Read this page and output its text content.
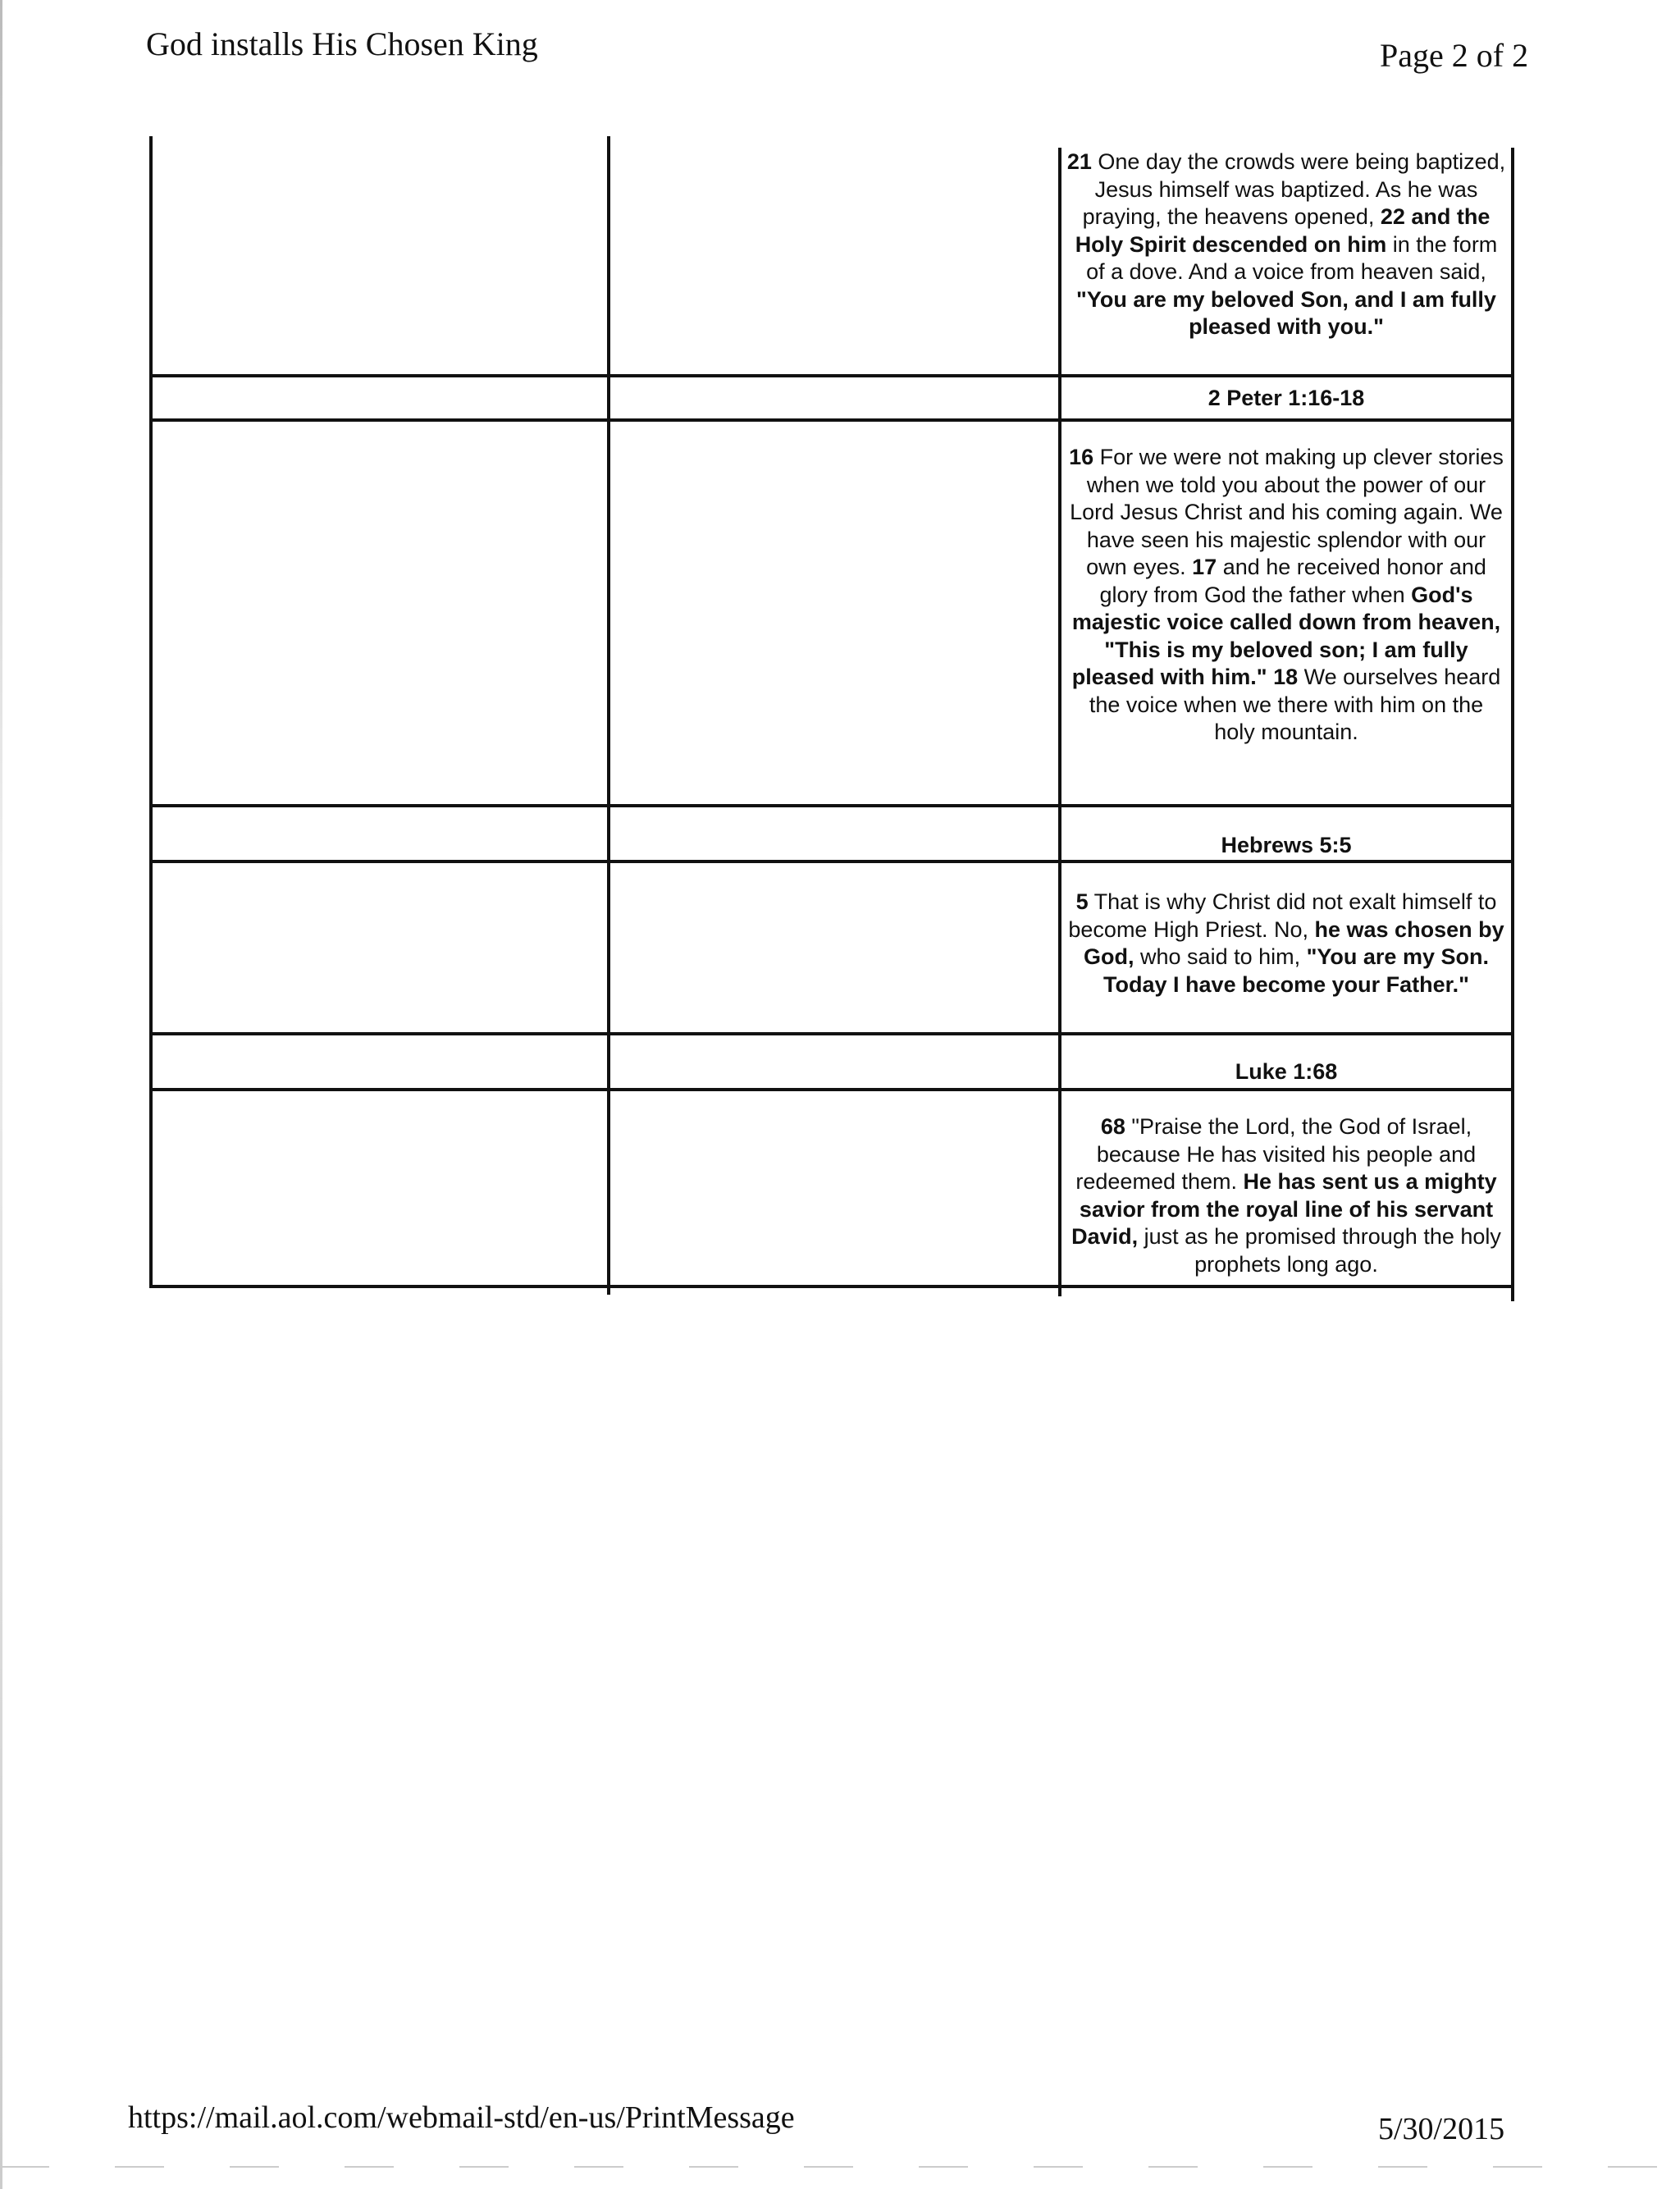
God installs His Chosen King	Page 2 of 2
21 One day the crowds were being baptized, Jesus himself was baptized. As he was praying, the heavens opened, 22 and the Holy Spirit descended on him in the form of a dove. And a voice from heaven said, "You are my beloved Son, and I am fully pleased with you."
2 Peter 1:16-18
16 For we were not making up clever stories when we told you about the power of our Lord Jesus Christ and his coming again. We have seen his majestic splendor with our own eyes. 17 and he received honor and glory from God the father when God's majestic voice called down from heaven, "This is my beloved son; I am fully pleased with him." 18 We ourselves heard the voice when we there with him on the holy mountain.
Hebrews 5:5
5 That is why Christ did not exalt himself to become High Priest. No, he was chosen by God, who said to him, "You are my Son. Today I have become your Father."
Luke 1:68
68 "Praise the Lord, the God of Israel, because He has visited his people and redeemed them. He has sent us a mighty savior from the royal line of his servant David, just as he promised through the holy prophets long ago.
https://mail.aol.com/webmail-std/en-us/PrintMessage	5/30/2015
